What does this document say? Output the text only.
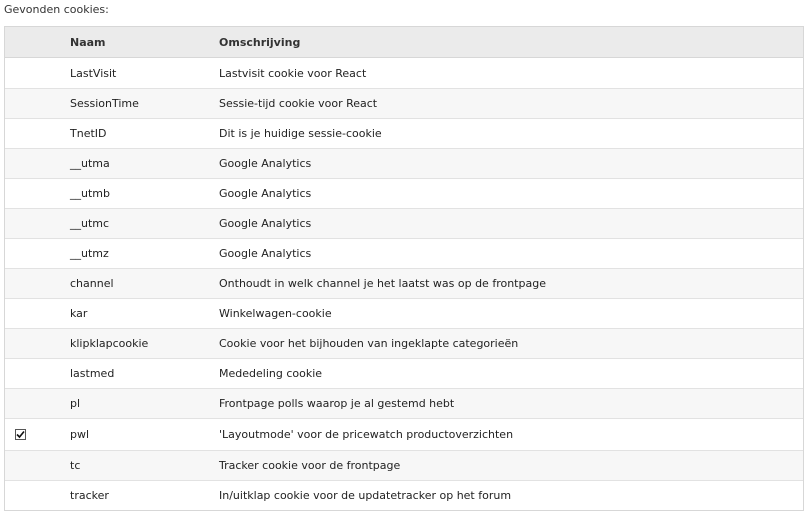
Gevonden cookies:
Naam	Omschrijving
LastVisit	Lastvisit cookie voor React
SessionTime	Sessie-tijd cookie voor React
TnetID	Dit is je huidige sessie-cookie
__utma	Google Analytics
__utmb	Google Analytics
__utmc	Google Analytics
__utmz	Google Analytics
channel	Onthoudt in welk channel je het laatst was op de frontpage
kar	Winkelwagen-cookie
klipklapcookie	Cookie voor het bijhouden van ingeklapte categorieën
lastmed	Mededeling cookie
pl	Frontpage polls waarop je al gestemd hebt
pwl	'Layoutmode' voor de pricewatch productoverzichten
tc	Tracker cookie voor de frontpage
tracker	In/uitklap cookie voor de updatetracker op het forum
